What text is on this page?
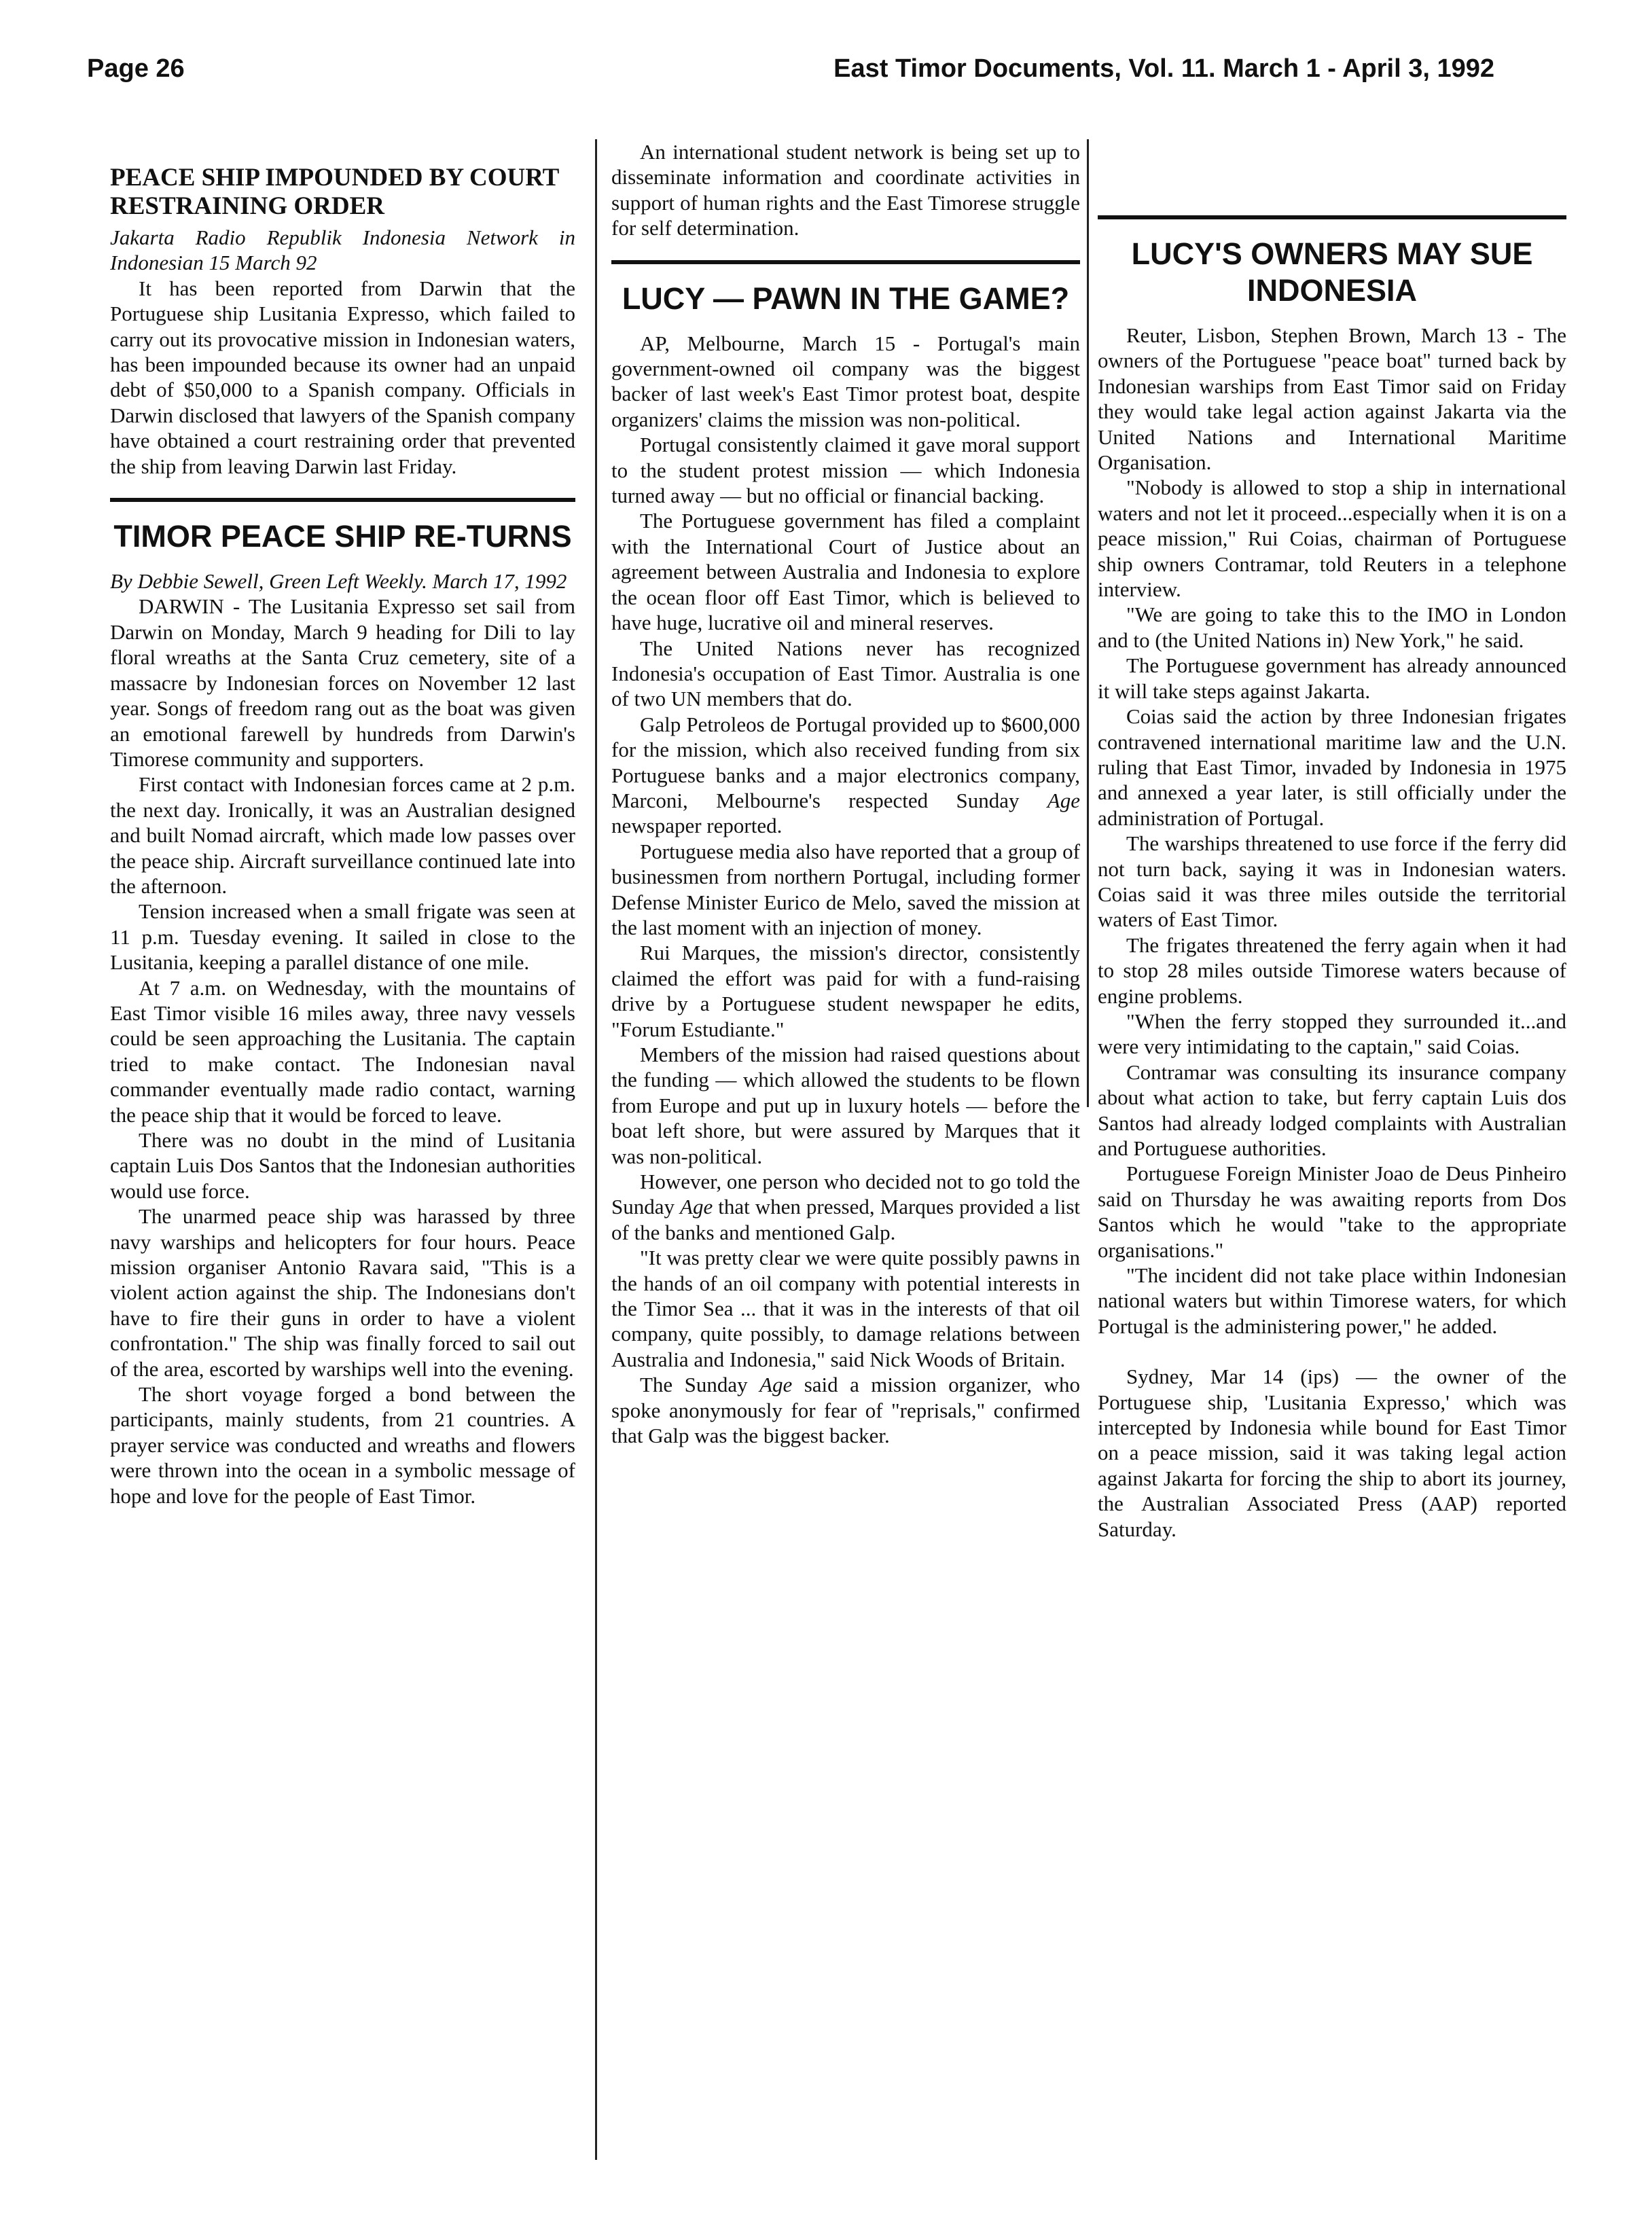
Page 26	East Timor Documents, Vol. 11. March 1 - April 3, 1992
PEACE SHIP IMPOUNDED BY COURT RESTRAINING ORDER

Jakarta Radio Republik Indonesia Network in Indonesian 15 March 92

It has been reported from Darwin that the Portuguese ship Lusitania Expresso, which failed to carry out its provocative mission in Indonesian waters, has been impounded because its owner had an unpaid debt of $50,000 to a Spanish company. Officials in Darwin disclosed that lawyers of the Spanish company have obtained a court restraining order that prevented the ship from leaving Darwin last Friday.

TIMOR PEACE SHIP RE-TURNS

By Debbie Sewell, Green Left Weekly. March 17, 1992

DARWIN - The Lusitania Expresso set sail from Darwin on Monday, March 9 heading for Dili to lay floral wreaths at the Santa Cruz cemetery, site of a massacre by Indonesian forces on November 12 last year. Songs of freedom rang out as the boat was given an emotional farewell by hundreds from Darwin's Timorese community and supporters.

First contact with Indonesian forces came at 2 p.m. the next day. Ironically, it was an Australian designed and built Nomad aircraft, which made low passes over the peace ship. Aircraft surveillance continued late into the afternoon.

Tension increased when a small frigate was seen at 11 p.m. Tuesday evening. It sailed in close to the Lusitania, keeping a parallel distance of one mile.

At 7 a.m. on Wednesday, with the mountains of East Timor visible 16 miles away, three navy vessels could be seen approaching the Lusitania. The captain tried to make contact. The Indonesian naval commander eventually made radio contact, warning the peace ship that it would be forced to leave.

There was no doubt in the mind of Lusitania captain Luis Dos Santos that the Indonesian authorities would use force.

The unarmed peace ship was harassed by three navy warships and helicopters for four hours. Peace mission organiser Antonio Ravara said, "This is a violent action against the ship. The Indonesians don't have to fire their guns in order to have a violent confrontation." The ship was finally forced to sail out of the area, escorted by warships well into the evening.

The short voyage forged a bond between the participants, mainly students, from 21 countries. A prayer service was conducted and wreaths and flowers were thrown into the ocean in a symbolic message of hope and love for the people of East Timor.

An international student network is being set up to disseminate information and coordinate activities in support of human rights and the East Timorese struggle for self determination.

LUCY — PAWN IN THE GAME?

AP, Melbourne, March 15 - Portugal's main government-owned oil company was the biggest backer of last week's East Timor protest boat, despite organizers' claims the mission was non-political.

Portugal consistently claimed it gave moral support to the student protest mission — which Indonesia turned away — but no official or financial backing.

The Portuguese government has filed a complaint with the International Court of Justice about an agreement between Australia and Indonesia to explore the ocean floor off East Timor, which is believed to have huge, lucrative oil and mineral reserves.

The United Nations never has recognized Indonesia's occupation of East Timor. Australia is one of two UN members that do.

Galp Petroleos de Portugal provided up to $600,000 for the mission, which also received funding from six Portuguese banks and a major electronics company, Marconi, Melbourne's respected Sunday Age newspaper reported.

Portuguese media also have reported that a group of businessmen from northern Portugal, including former Defense Minister Eurico de Melo, saved the mission at the last moment with an injection of money.

Rui Marques, the mission's director, consistently claimed the effort was paid for with a fund-raising drive by a Portuguese student newspaper he edits, "Forum Estudiante."

Members of the mission had raised questions about the funding — which allowed the students to be flown from Europe and put up in luxury hotels — before the boat left shore, but were assured by Marques that it was non-political.

However, one person who decided not to go told the Sunday Age that when pressed, Marques provided a list of the banks and mentioned Galp.

"It was pretty clear we were quite possibly pawns in the hands of an oil company with potential interests in the Timor Sea ... that it was in the interests of that oil company, quite possibly, to damage relations between Australia and Indonesia," said Nick Woods of Britain.

The Sunday Age said a mission organizer, who spoke anonymously for fear of "reprisals," confirmed that Galp was the biggest backer.

LUCY'S OWNERS MAY SUE INDONESIA

Reuter, Lisbon, Stephen Brown, March 13 - The owners of the Portuguese "peace boat" turned back by Indonesian warships from East Timor said on Friday they would take legal action against Jakarta via the United Nations and International Maritime Organisation.

"Nobody is allowed to stop a ship in international waters and not let it proceed...especially when it is on a peace mission," Rui Coias, chairman of Portuguese ship owners Contramar, told Reuters in a telephone interview.

"We are going to take this to the IMO in London and to (the United Nations in) New York," he said.

The Portuguese government has already announced it will take steps against Jakarta.

Coias said the action by three Indonesian frigates contravened international maritime law and the U.N. ruling that East Timor, invaded by Indonesia in 1975 and annexed a year later, is still officially under the administration of Portugal.

The warships threatened to use force if the ferry did not turn back, saying it was in Indonesian waters. Coias said it was three miles outside the territorial waters of East Timor.

The frigates threatened the ferry again when it had to stop 28 miles outside Timorese waters because of engine problems.

"When the ferry stopped they surrounded it...and were very intimidating to the captain," said Coias.

Contramar was consulting its insurance company about what action to take, but ferry captain Luis dos Santos had already lodged complaints with Australian and Portuguese authorities.

Portuguese Foreign Minister Joao de Deus Pinheiro said on Thursday he was awaiting reports from Dos Santos which he would "take to the appropriate organisations."

"The incident did not take place within Indonesian national waters but within Timorese waters, for which Portugal is the administering power," he added.

Sydney, Mar 14 (ips) — the owner of the Portuguese ship, 'Lusitania Expresso,' which was intercepted by Indonesia while bound for East Timor on a peace mission, said it was taking legal action against Jakarta for forcing the ship to abort its journey, the Australian Associated Press (AAP) reported Saturday.
